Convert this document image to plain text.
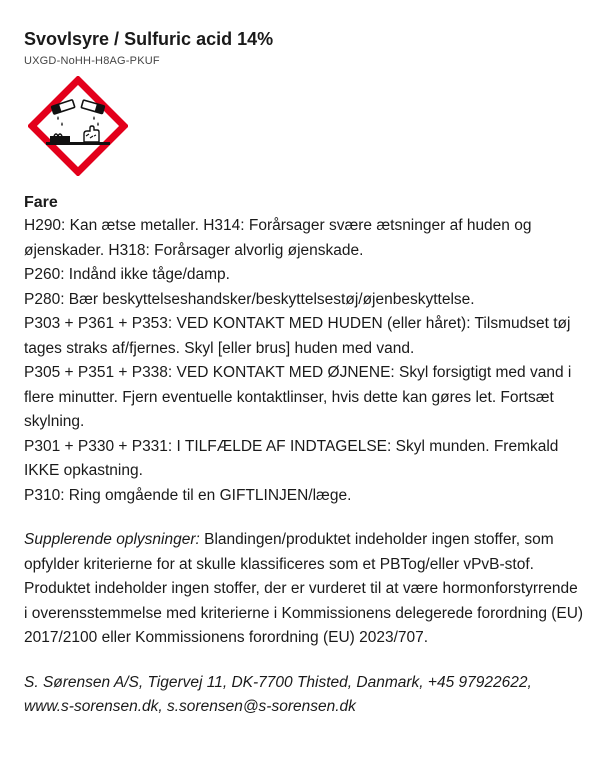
Svovlsyre / Sulfuric acid 14%
UXGD-NoHH-H8AG-PKUF
Fare

H290: Kan ætse metaller. H314: Forårsager svære ætsninger af huden og øjenskader. H318: Forårsager alvorlig øjenskade.

P260: Indånd ikke tåge/damp.

P280: Bær beskyttelseshandsker/beskyttelsestøj/øjenbeskyttelse.

P303 + P361 + P353: VED KONTAKT MED HUDEN (eller håret): Tilsmudset tøj tages straks af/fjernes. Skyl [eller brus] huden med vand.

P305 + P351 + P338: VED KONTAKT MED ØJNENE: Skyl forsigtigt med vand i flere minutter. Fjern eventuelle kontaktlinser, hvis dette kan gøres let. Fortsæt skylning.

P301 + P330 + P331: I TILFÆLDE AF INDTAGELSE: Skyl munden. Fremkald IKKE opkastning.

P310: Ring omgående til en GIFTLINJEN/læge.

Supplerende oplysninger: Blandingen/produktet indeholder ingen stoffer, som opfylder kriterierne for at skulle klassificeres som et PBTog/eller vPvB-stof. Produktet indeholder ingen stoffer, der er vurderet til at være hormonforstyrrende i overensstemmelse med kriterierne i Kommissionens delegerede forordning (EU) 2017/2100 eller Kommissionens forordning (EU) 2023/707.
S. Sørensen A/S, Tigervej 11, DK-7700 Thisted, Danmark, +45 97922622, www.s-sorensen.dk, s.sorensen@s-sorensen.dk
